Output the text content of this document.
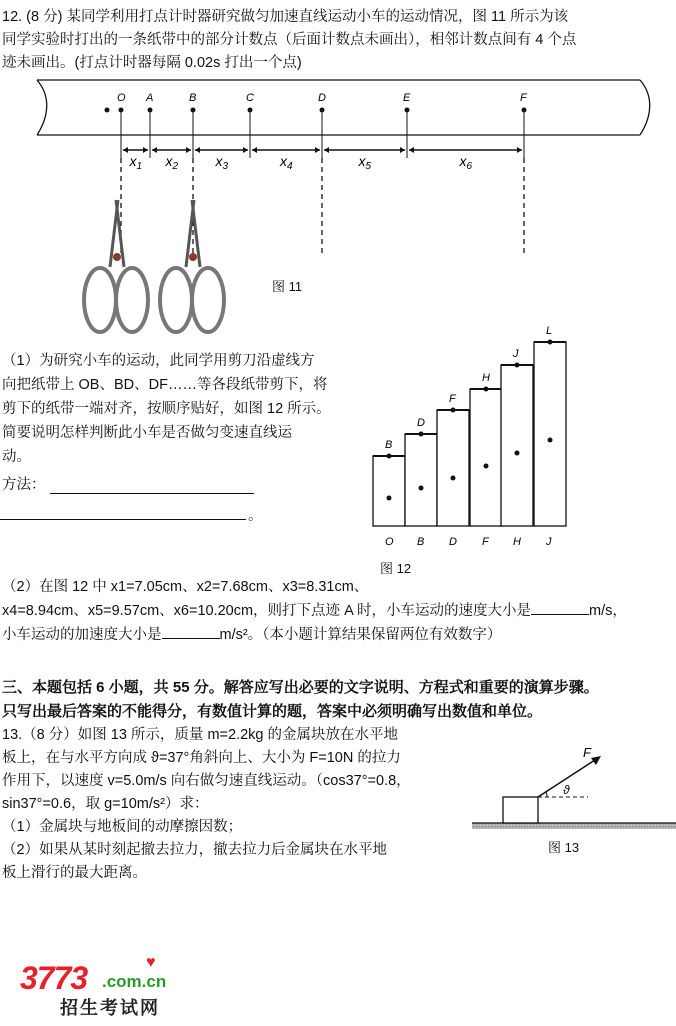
12. (8 分) 某同学利用打点计时器研究做匀加速直线运动小车的运动情况，图 11 所示为该
同学实验时打出的一条纸带中的部分计数点（后面计数点未画出），相邻计数点间有 4 个点
迹未画出。(打点计时器每隔 0.02s 打出一个点)
O A	B	C	D	E	F
$x_1$ $x_2$	$x_3$	$x_4$	$x_5$	$x_6$
图 11
（1）为研究小车的运动，此同学用剪刀沿虚线方
向把纸带上 OB、BD、DF……等各段纸带剪下，将
剪下的纸带一端对齐，按顺序贴好，如图 12 所示。
简要说明怎样判断此小车是否做匀变速直线运
动。
方法：
。
B
O
D
B
F
D
H
F
J
H
L
J
图 12
（2）在图 12 中 x1=7.05cm、x2=7.68cm、x3=8.31cm、
x4=8.94cm、x5=9.57cm、x6=10.20cm，则打下点迹 A 时，小车运动的速度大小是	m/s，
小车运动的加速度大小是	m/s²。（本小题计算结果保留两位有效数字）
三、本题包括 6 小题，共 55 分。解答应写出必要的文字说明、方程式和重要的演算步骤。
只写出最后答案的不能得分，有数值计算的题，答案中必须明确写出数值和单位。
13.（8 分）如图 13 所示，质量 m=2.2kg 的金属块放在水平地
板上，在与水平方向成 ϑ=37°角斜向上、大小为 F=10N 的拉力
作用下，以速度 v=5.0m/s 向右做匀速直线运动。（cos37°=0.8，
sin37°=0.6，取 g=10m/s²）求：
（1）金属块与地板间的动摩擦因数；
（2）如果从某时刻起撤去拉力，撤去拉力后金属块在水平地
板上滑行的最大距离。
F
ϑ
图 13
3773 .com.cn
♥
招生考试网
